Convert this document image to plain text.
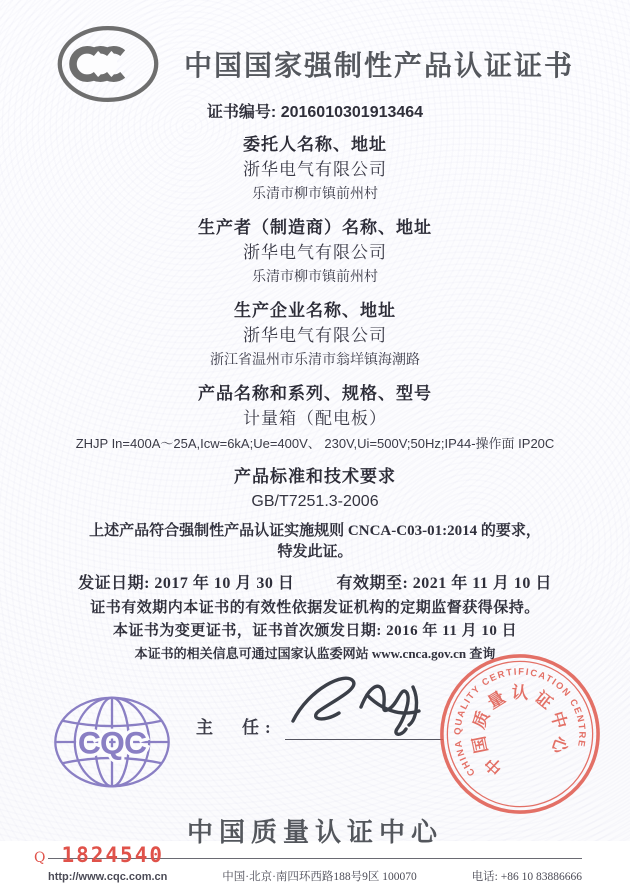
中国国家强制性产品认证证书
证书编号: 2016010301913464
委托人名称、地址
浙华电气有限公司
乐清市柳市镇前州村
生产者（制造商）名称、地址
浙华电气有限公司
乐清市柳市镇前州村
生产企业名称、地址
浙华电气有限公司
浙江省温州市乐清市翁垟镇海潮路
产品名称和系列、规格、型号
计量箱（配电板）
ZHJP In=400A～25A,Icw=6kA;Ue=400V、 230V,Ui=500V;50Hz;IP44-操作面 IP20C
产品标准和技术要求
GB/T7251.3-2006
上述产品符合强制性产品认证实施规则 CNCA-C03-01:2014 的要求，
特发此证。
发证日期: 2017 年 10 月 30 日	有效期至: 2021 年 11 月 10 日
证书有效期内本证书的有效性依据发证机构的定期监督获得保持。
本证书为变更证书，证书首次颁发日期: 2016 年 11 月 10 日
本证书的相关信息可通过国家认监委网站 www.cnca.gov.cn 查询
CQC	主　任:
CHINA QUALITY CERTIFICATION CENTRE
中国质量认证中心
中国质量认证中心
http://www.cqc.com.cn	中国·北京·南四环西路188号9区 100070	电话: +86 10 83886666
Q 1824540
